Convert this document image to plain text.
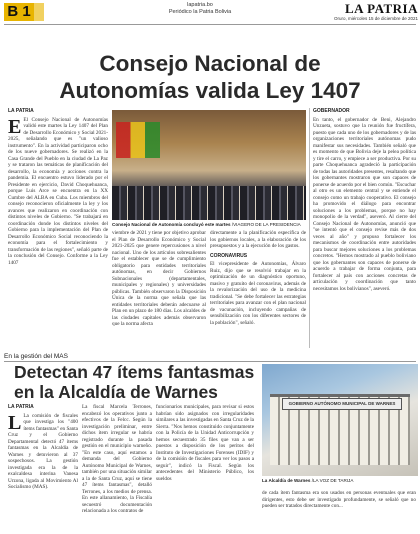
B 1	lapatria.bo
Periódico la Patria Bolivia	LA PATRIA
Oruro, miércoles 15 de diciembre de 2021
Consejo Nacional de
Autonomías valida Ley 1407
LA PATRIA
E El Consejo Nacional de Autonomías validó este martes la Ley 1407 del Plan de Desarrollo Económico y Social 2021-2025, señalando que es "un valioso instrumento". En la actividad participaron ocho de los nueve gobernadores. Se realizó en la Casa Grande del Pueblo en la ciudad de La Paz y se trataron las temáticas de planificación del desarrollo, la economía y acciones contra la pandemia. El encuentro estuvo liderado por el Presidente en ejercicio, David Choquehuanca, porque Luis Arce se encuentra en la XX Cumbre del ALBA en Cuba. Los miembros del consejo reconocieron oficialmente la ley y los avances que realizaron en coordinación con distintos niveles de Gobierno. "Se trabajará en coordinación donde los distintos niveles del Gobierno para la implementación del Plan de Desarrollo Económico Social reconociendo la economía para el fortalecimiento y transformación de las regiones", señaló parte de la conclusión del Consejo. Conforme a la Ley 1407
Consejo Nacional de Autonomía concluyó este martes /VIAGERO DE LA PRESIDENCIA
viembre de 2021 y tiene por objetivo aprobar el Plan de Desarrollo Económico y Social 2021-2025 que genere repercusiones a nivel nacional. Uno de los artículos sobresalientes fue el establecer que se de cumplimiento obligatorio para entidades territoriales autónomas, en decir Gobiernos Subnacionales (departamentales, municipales y regionales) y universidades públicas. También observaron la Disposición Única de la norma que señala que las entidades territoriales deberán adecuarse al Plan en un plazo de 180 días. Los alcaldes de las ciudades capitales además observaron que la norma afecta
directamente a la planificación específica de los gobiernos locales, a la elaboración de los presupuestos y a la ejecución de los gastos.
CORONAVIRUS
El vicepresidente de Autonomías, Álvaro Ruiz, dijo que se resolvió trabajar en la optimización de un diagnóstico oportuno, masivo y gratuito del coronavirus, además de la revalorización del uso de la medicina tradicional. "Se debe fortalecer las estrategias territoriales para avanzar con el plan nacional de vacunación, incluyendo campañas de sensibilización con los diferentes sectores de la población", señaló.
GOBERNADOR
En tanto, el gobernador de Beni, Alejandro Unzueta, sostuvo que la reunión fue fructífera, puesto que cada uno de los gobernadores y de las organizaciones territoriales autónomas pudo manifestar sus necesidades. También señaló que es momento de que Bolivia deje la pelea política y tire el carro, y empiece a ser productiva. Por su parte Choquehuanca agradeció la participación de todas las autoridades presentes, resaltando que los gobernantes mostraron que son capaces de ponerse de acuerdo por el bien común. "Escuchar al otro es un elemento central y se entiende el consejo como un trabajo cooperativo. El consejo ha promovido el diálogo para encontrar soluciones a los problemas, porque no hay monopolio de la verdad", aseveró. Al cierre del Consejo Nacional de Autonomías, anunció que "se intentó que el consejo revise más de dos veces al año" y propuso fortalecer los mecanismos de coordinación entre autoridades para buscar mejores soluciones a los problemas concretos. "Hemos mostrado al pueblo boliviano que los gobernantes son capaces de ponerse de acuerdo a trabajar de forma conjunta, para fortalecer al país con acciones concretas de articulación y coordinación que tanto necesitamos los bolivianos", aseveró.
En la gestión del MAS
Detectan 47 ítems fantasmas
en la Alcaldía de Warnes
LA PATRIA
L La comisión de fiscales que investiga los "400 ítems fantasmas" en Santa Cruz y el Gobierno Departamental detectó 47 ítems fantasmas en la Alcaldía de Warnes y detuvieron al 37 sospechosos. La gestión investigada era la de la exalcaldesa interina Vanesa Urzona, ligada al Movimiento Al Socialismo (MAS).
La fiscal Marcela Terrones, encabezó los operativos junto a efectivos de la Felcc. Según la investigación preliminar, entre dichos ítem irregular se habría registrado durante la pasada gestión en el municipio warneño. "En este caso, aquí estamos a demanda del Gobierno Autónomo Municipal de Warnes, también por una situación similar a la de Santa Cruz, aquí se tiene 47 ítems fantasmas", detalló Terrones, a los medios de prensa. En este allanamiento, la Fiscalía secuestró documentación relacionada a los contratos de
funcionarios municipales, para revisar si estos habrían sido asignados con irregularidades similares a las investigadas en Santa Cruz de la Sierra. "Nos hemos constituido conjuntamente con la Policía de la Unidad Anticorrupción y hemos secuestrado 35 files que van a ser puestos a disposición de los peritos del Instituto de Investigaciones Forenses (IDIF) y de la comisión de fiscales para ver los pasos a seguir", indicó la Fiscal. Según los antecedentes del Ministerio Público, los sueldos
GOBIERNO AUTÓNOMO MUNICIPAL DE WARNES
La Alcaldía de Warnes /LA VOZ DE TARIJA
de cada ítem fantasma era son usados en personas eventuales que eran dirigentes, esto debe ser investigado profundamente, se señaló que no pueden ser tratados directamente con...
